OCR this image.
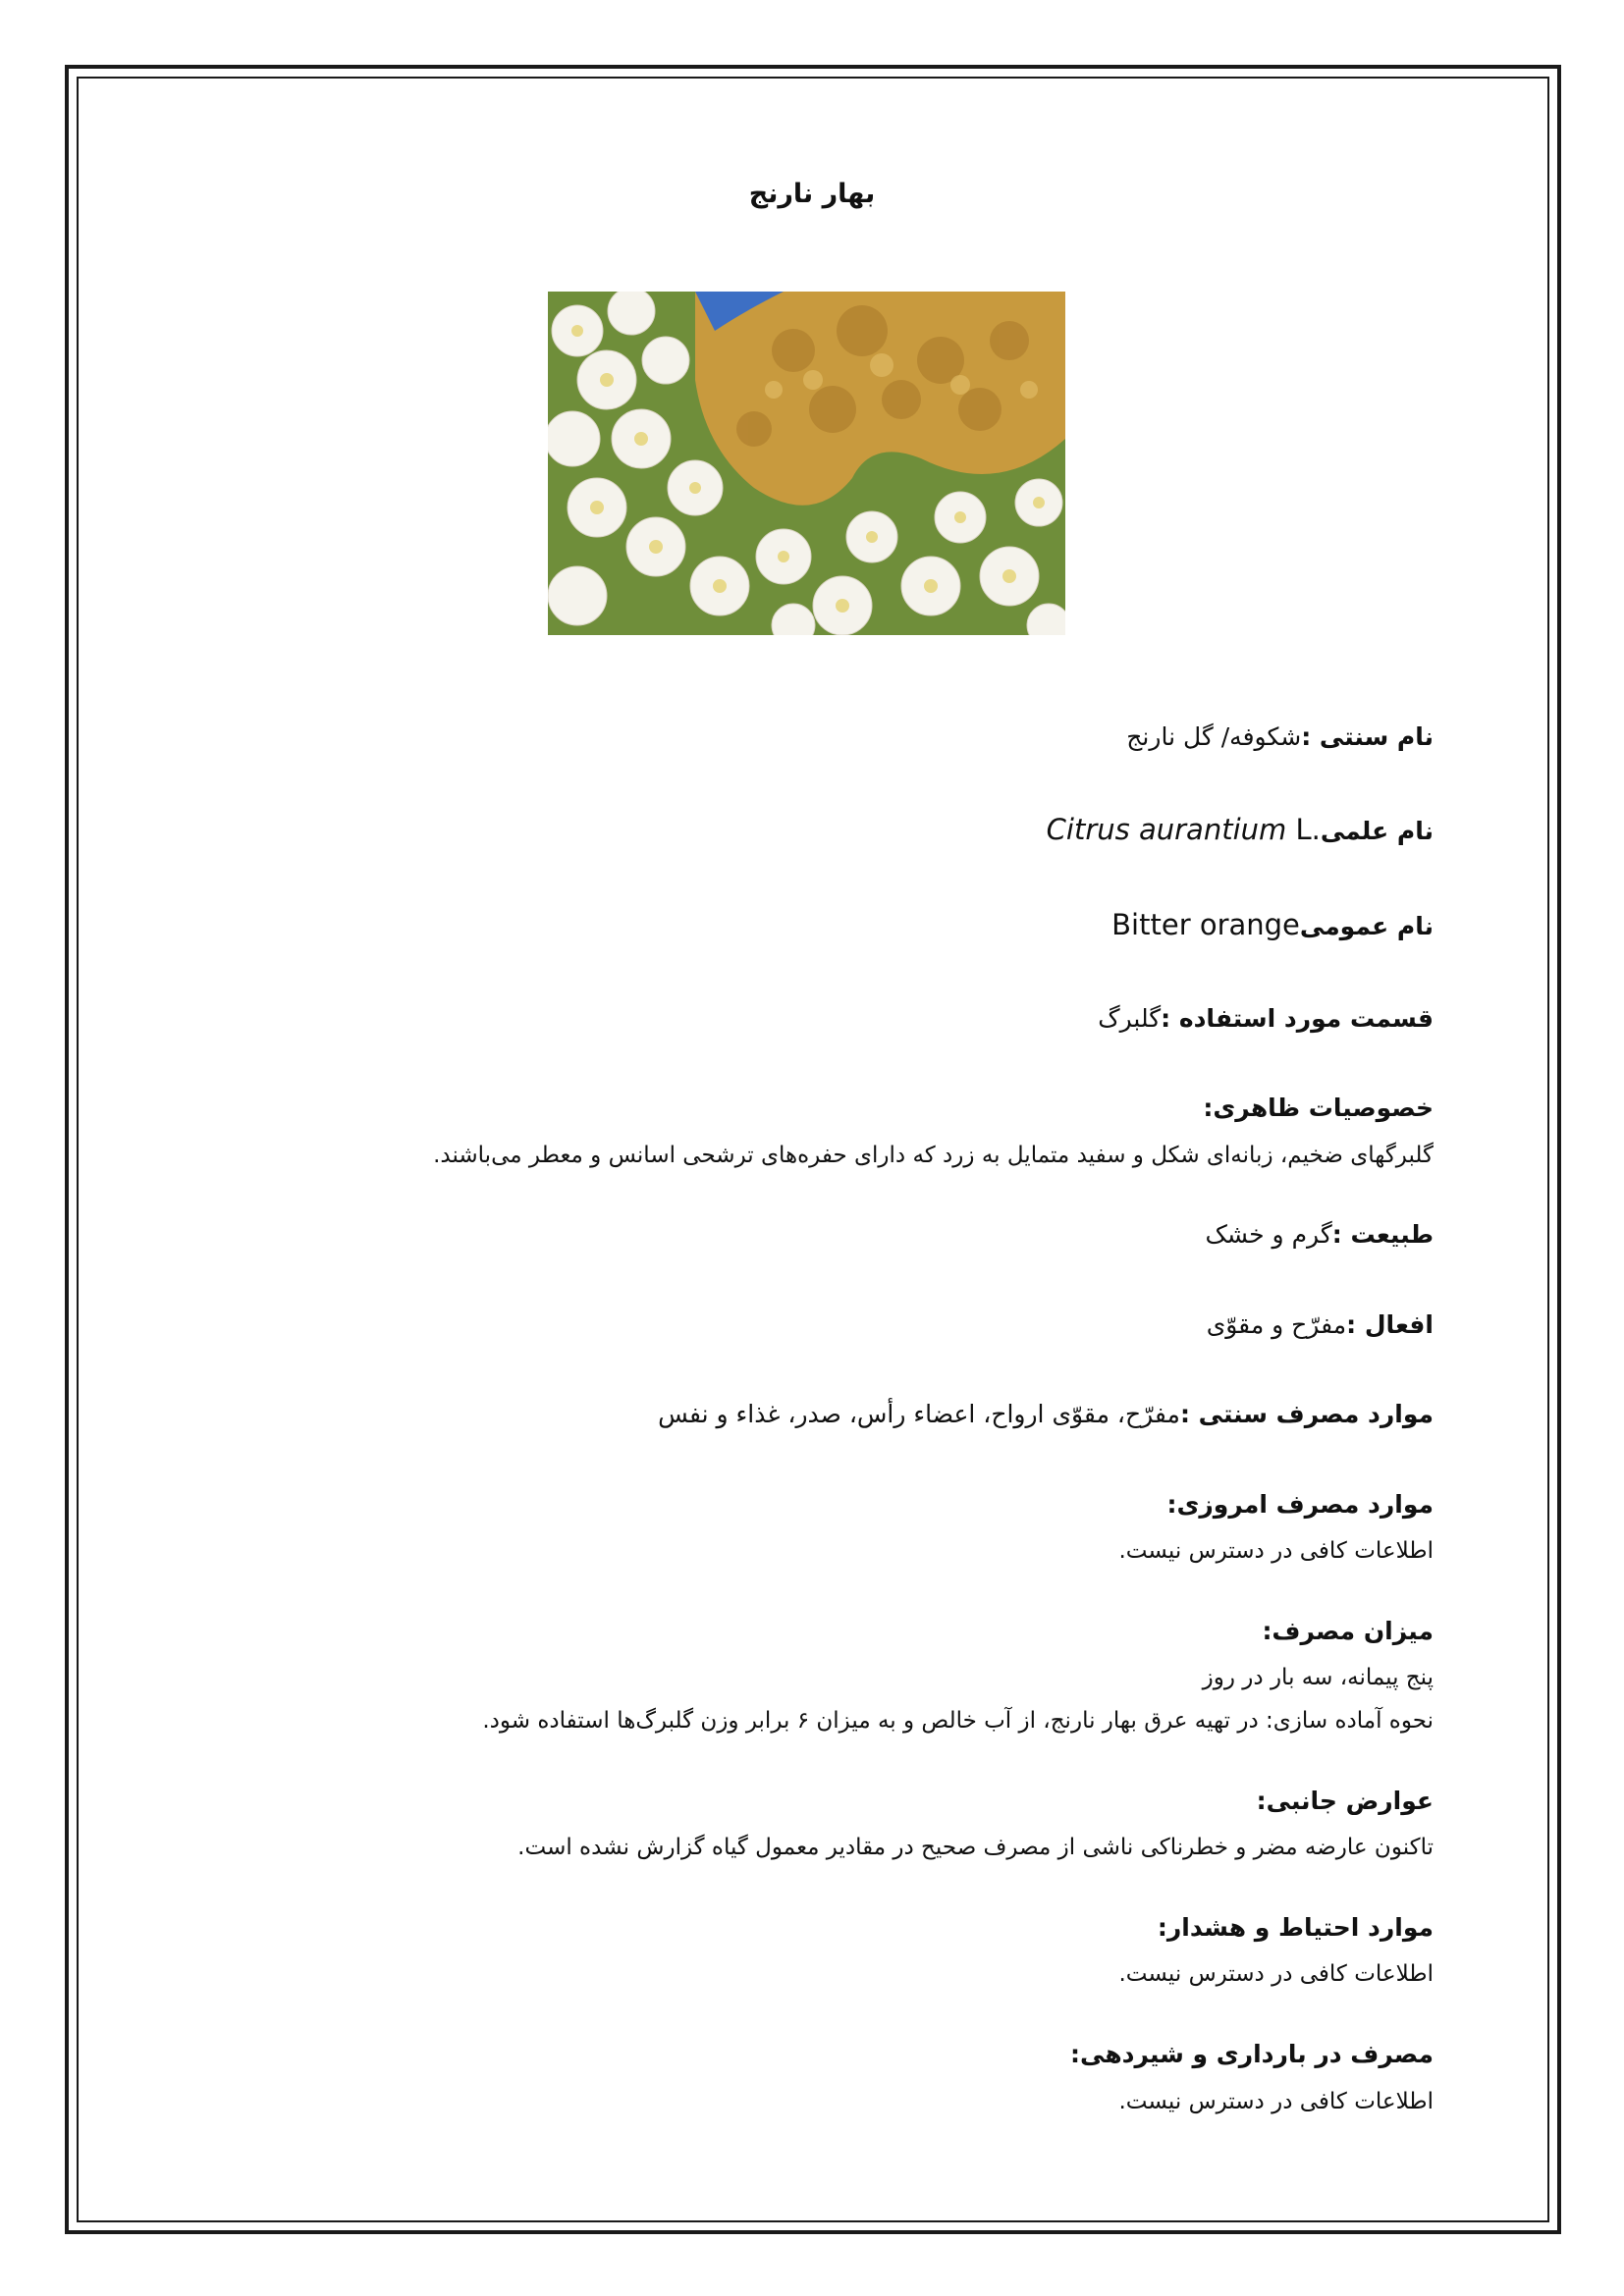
بهار نارنج
نام سنتی :شکوفه/ گل نارنج
نام علمیCitrus aurantium L.
نام عمومیBitter orange
قسمت مورد استفاده :گلبرگ
خصوصیات ظاهری:
گلبرگهای ضخیم، زبانه‌ای شکل و سفید متمایل به زرد که دارای حفره‌های ترشحی اسانس و معطر می‌باشند.
طبیعت :گرم و خشک
افعال :مفرّح و مقوّی
موارد مصرف سنتی :مفرّح، مقوّی ارواح، اعضاء رأس، صدر، غذاء و نفس
موارد مصرف امروزی:
اطلاعات کافی در دسترس نیست.
میزان مصرف:
پنج پیمانه، سه بار در روز
نحوه آماده سازی: در تهیه عرق بهار نارنج، از آب خالص و به میزان ۶ برابر وزن گلبرگ‌ها استفاده شود.
عوارض جانبی:
تاکنون عارضه مضر و خطرناکی ناشی از مصرف صحیح در مقادیر معمول گیاه گزارش نشده است.
موارد احتیاط و هشدار:
اطلاعات کافی در دسترس نیست.
مصرف در بارداری و شیردهی:
اطلاعات کافی در دسترس نیست.
